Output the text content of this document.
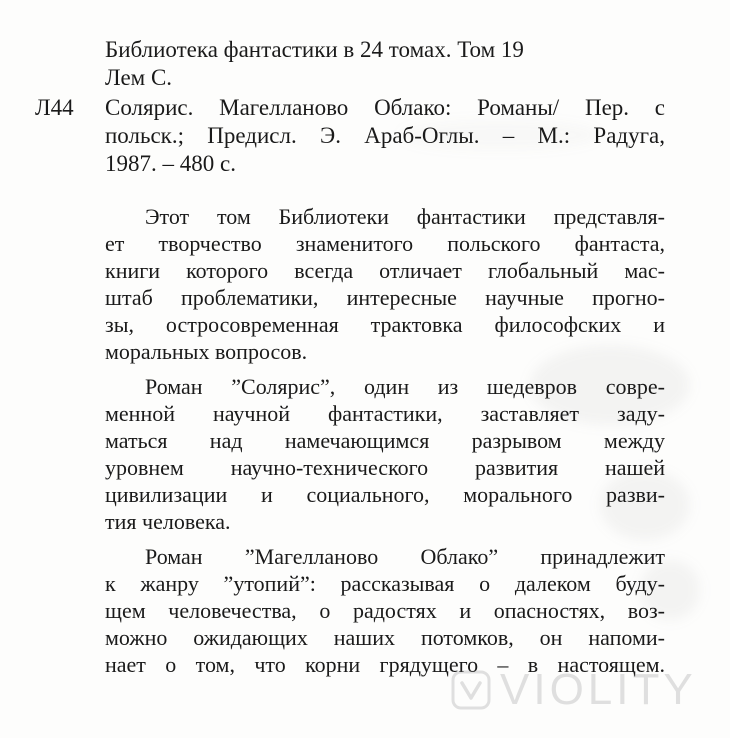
Библиотека фантастики в 24 томах. Том 19

Лем С.

Л44 Солярис. Магелланово Облако: Романы/ Пер. с
польск.; Предисл. Э. Араб-Оглы. – М.: Радуга,
1987. – 480 с.
Этот том Библиотеки фантастики представля-
ет творчество знаменитого польского фантаста,
книги которого всегда отличает глобальный мас-
штаб проблематики, интересные научные прогно-
зы, остросовременная трактовка философских и
моральных вопросов.
Роман ”Солярис”, один из шедевров совре-
менной научной фантастики, заставляет заду-
маться над намечающимся разрывом между
уровнем научно-технического развития нашей
цивилизации и социального, морального разви-
тия человека.
Роман ”Магелланово Облако” принадлежит
к жанру ”утопий”: рассказывая о далеком буду-
щем человечества, о радостях и опасностях, воз-
можно ожидающих наших потомков, он напоми-
нает о том, что корни грядущего – в настоящем.
VIOLITY
